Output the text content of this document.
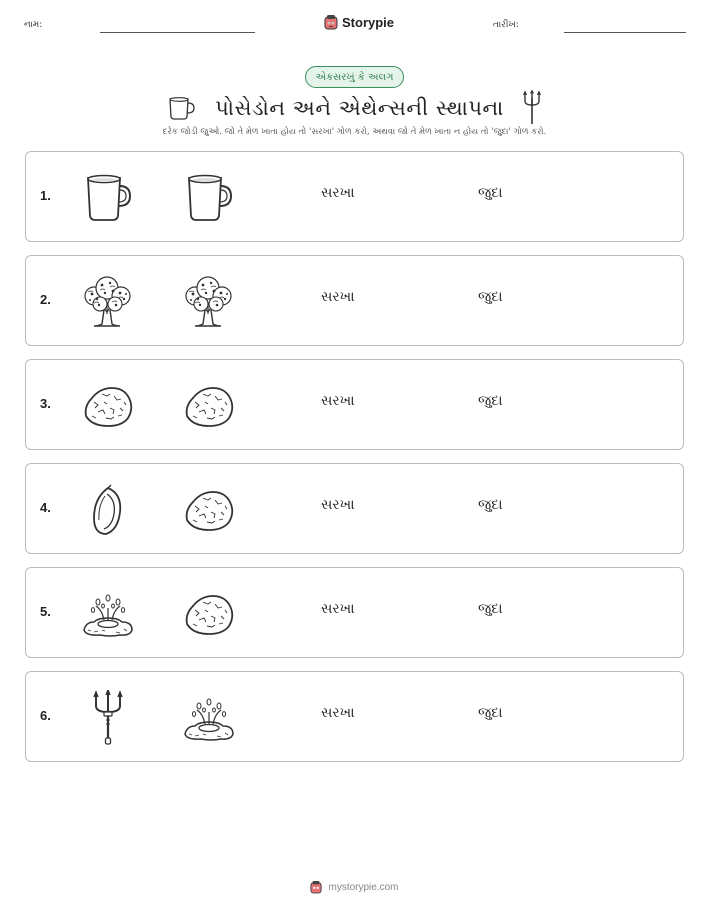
નામ:	Storypie	તારીખ:
એકસરખું કે અલગ
પોસેડોન અને એથેન્સની સ્થાપના
દરેક જોડી જુઓ. જો તે મેળ ખાતા હોય તો 'સરખા' ગોળ કરો, અથવા જો તે મેળ ખાતા ન હોય તો 'જુદા' ગોળ કરો.
1.	સરખા	જુદા
2.	સરખા	જુદા
3.	સરખા	જુદા
4.	સરખા	જુદા
5.	સરખા	જુદા
6.	સરખા	જુદા
mystorypie.com
